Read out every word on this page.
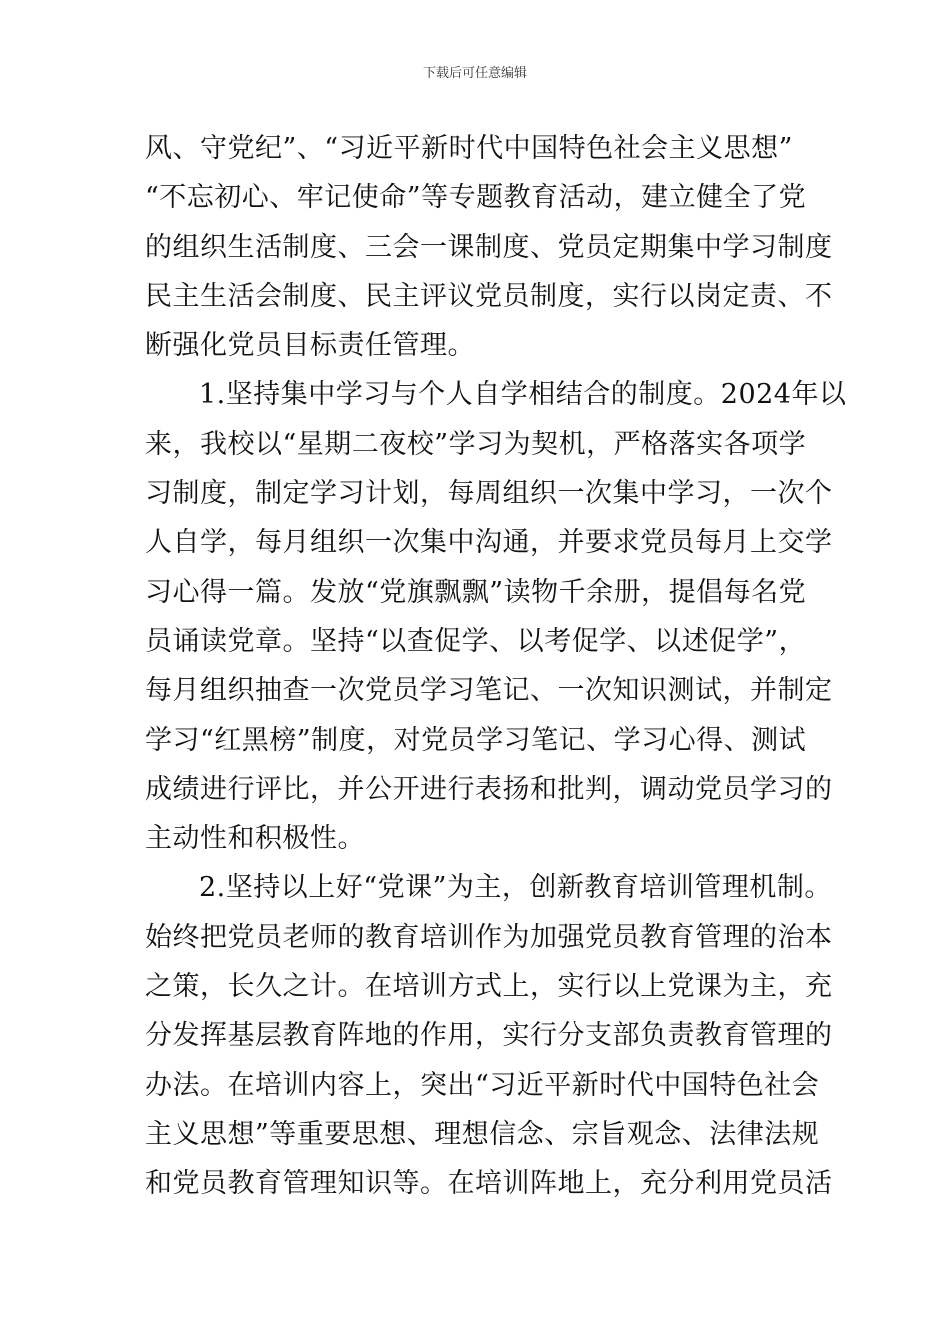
下载后可任意编辑
风、守党纪”、“习近平新时代中国特色社会主义思想”
“不忘初心、牢记使命”等专题教育活动，建立健全了党
的组织生活制度、三会一课制度、党员定期集中学习制度
民主生活会制度、民主评议党员制度，实行以岗定责、不
断强化党员目标责任管理。
1.坚持集中学习与个人自学相结合的制度。2024年以
来，我校以“星期二夜校”学习为契机，严格落实各项学
习制度，制定学习计划，每周组织一次集中学习，一次个
人自学，每月组织一次集中沟通，并要求党员每月上交学
习心得一篇。发放“党旗飘飘”读物千余册，提倡每名党
员诵读党章。坚持“以查促学、以考促学、以述促学”，
每月组织抽查一次党员学习笔记、一次知识测试，并制定
学习“红黑榜”制度，对党员学习笔记、学习心得、测试
成绩进行评比，并公开进行表扬和批判，调动党员学习的
主动性和积极性。
2.坚持以上好“党课”为主，创新教育培训管理机制。
始终把党员老师的教育培训作为加强党员教育管理的治本
之策，长久之计。在培训方式上，实行以上党课为主，充
分发挥基层教育阵地的作用，实行分支部负责教育管理的
办法。在培训内容上，突出“习近平新时代中国特色社会
主义思想”等重要思想、理想信念、宗旨观念、法律法规
和党员教育管理知识等。在培训阵地上，充分利用党员活
